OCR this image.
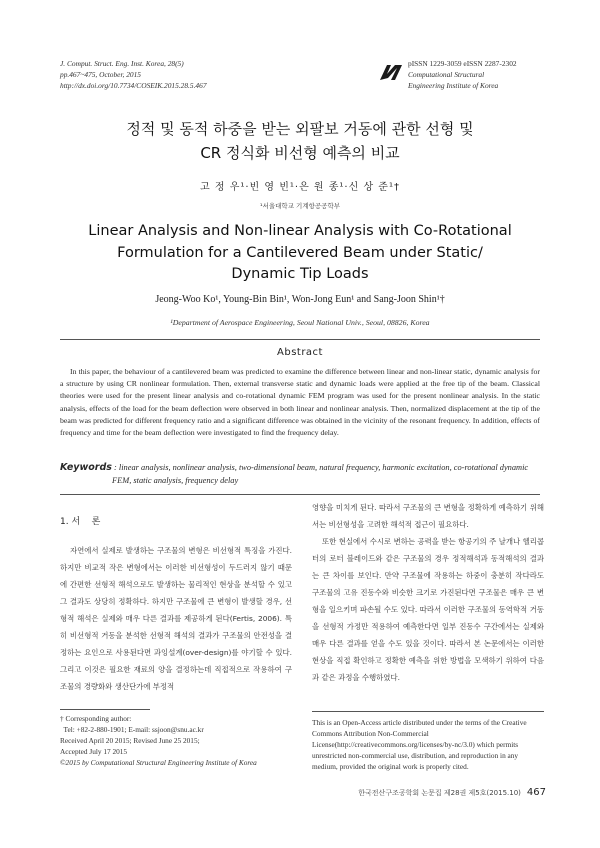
J. Comput. Struct. Eng. Inst. Korea, 28(5)
pp.467~475, October, 2015
http://dx.doi.org/10.7734/COSEIK.2015.28.5.467
pISSN 1229-3059 eISSN 2287-2302
Computational Structural
Engineering Institute of Korea
정적 및 동적 하중을 받는 외팔보 거동에 관한 선형 및
CR 정식화 비선형 예측의 비교
고 정 우¹·빈 영 빈¹·은 원 종¹·신 상 준¹†
¹서울대학교 기계항공공학부
Linear Analysis and Non-linear Analysis with Co-Rotational
Formulation for a Cantilevered Beam under Static/
Dynamic Tip Loads
Jeong-Woo Ko¹, Young-Bin Bin¹, Won-Jong Eun¹ and Sang-Joon Shin¹†
¹Department of Aerospace Engineering, Seoul National Univ., Seoul, 08826, Korea
Abstract
In this paper, the behaviour of a cantilevered beam was predicted to examine the difference between linear and non-linear static, dynamic analysis for a structure by using CR nonlinear formulation. Then, external transverse static and dynamic loads were applied at the free tip of the beam. Classical theories were used for the present linear analysis and co-rotational dynamic FEM program was used for the present nonlinear analysis. In the static analysis, effects of the load for the beam deflection were observed in both linear and nonlinear analysis. Then, normalized displacement at the tip of the beam was predicted for different frequency ratio and a significant difference was obtained in the vicinity of the resonant frequency. In addition, effects of frequency and time for the beam deflection were investigated to find the frequency delay.
Keywords : linear analysis, nonlinear analysis, two-dimensional beam, natural frequency, harmonic excitation, co-rotational dynamic FEM, static analysis, frequency delay
1. 서    론
자연에서 실제로 발생하는 구조물의 변형은 비선형적 특징을 가진다. 하지만 비교적 작은 변형에서는 이러한 비선형성이 두드러지 않기 때문에 간편한 선형적 해석으로도 발생하는 물리적인 현상을 분석할 수 있고 그 결과도 상당히 정확하다. 하지만 구조물에 큰 변형이 발생할 경우, 선형적 해석은 실제와 매우 다른 결과를 제공하게 된다(Fertis, 2006). 특히 비선형적 거동을 분석한 선형적 해석의 결과가 구조물의 안전성을 결정하는 요인으로 사용된다면 과잉설계(over-design)를 야기할 수 있다. 그리고 이것은 필요한 재료의 양을 결정하는데 직접적으로 작용하여 구조물의 경량화와 생산단가에 부정적

영향을 미치게 된다. 따라서 구조물의 큰 변형을 정확하게 예측하기 위해서는 비선형성을 고려한 해석적 접근이 필요하다.

또한 현실에서 수시로 변하는 공력을 받는 항공기의 주 날개나 헬리콥터의 로터 블레이드와 같은 구조물의 경우 정적해석과 동적해석의 결과는 큰 차이를 보인다. 만약 구조물에 작용하는 하중이 충분히 작다라도 구조물의 고유 진동수와 비슷한 크기로 가진된다면 구조물은 매우 큰 변형을 일으키며 파손될 수도 있다. 따라서 이러한 구조물의 동역학적 거동을 선형적 가정만 적용하여 예측한다면 일부 진동수 구간에서는 실제와 매우 다른 결과를 얻을 수도 있을 것이다. 따라서 본 논문에서는 이러한 현상을 직접 확인하고 정확한 예측을 위한 방법을 모색하기 위하여 다음과 같은 과정을 수행하였다.

† Corresponding author:
Tel: +82-2-880-1901; E-mail: ssjoon@snu.ac.kr
Received April 20 2015; Revised June 25 2015;
Accepted July 17 2015
©2015 by Computational Structural Engineering Institute of Korea
This is an Open-Access article distributed under the terms of the Creative Commons Attribution Non-Commercial License(http://creativecommons.org/licenses/by-nc/3.0) which permits unrestricted non-commercial use, distribution, and reproduction in any medium, provided the original work is properly cited.
한국전산구조공학회 논문집 제28권 제5호(2015.10) 467
